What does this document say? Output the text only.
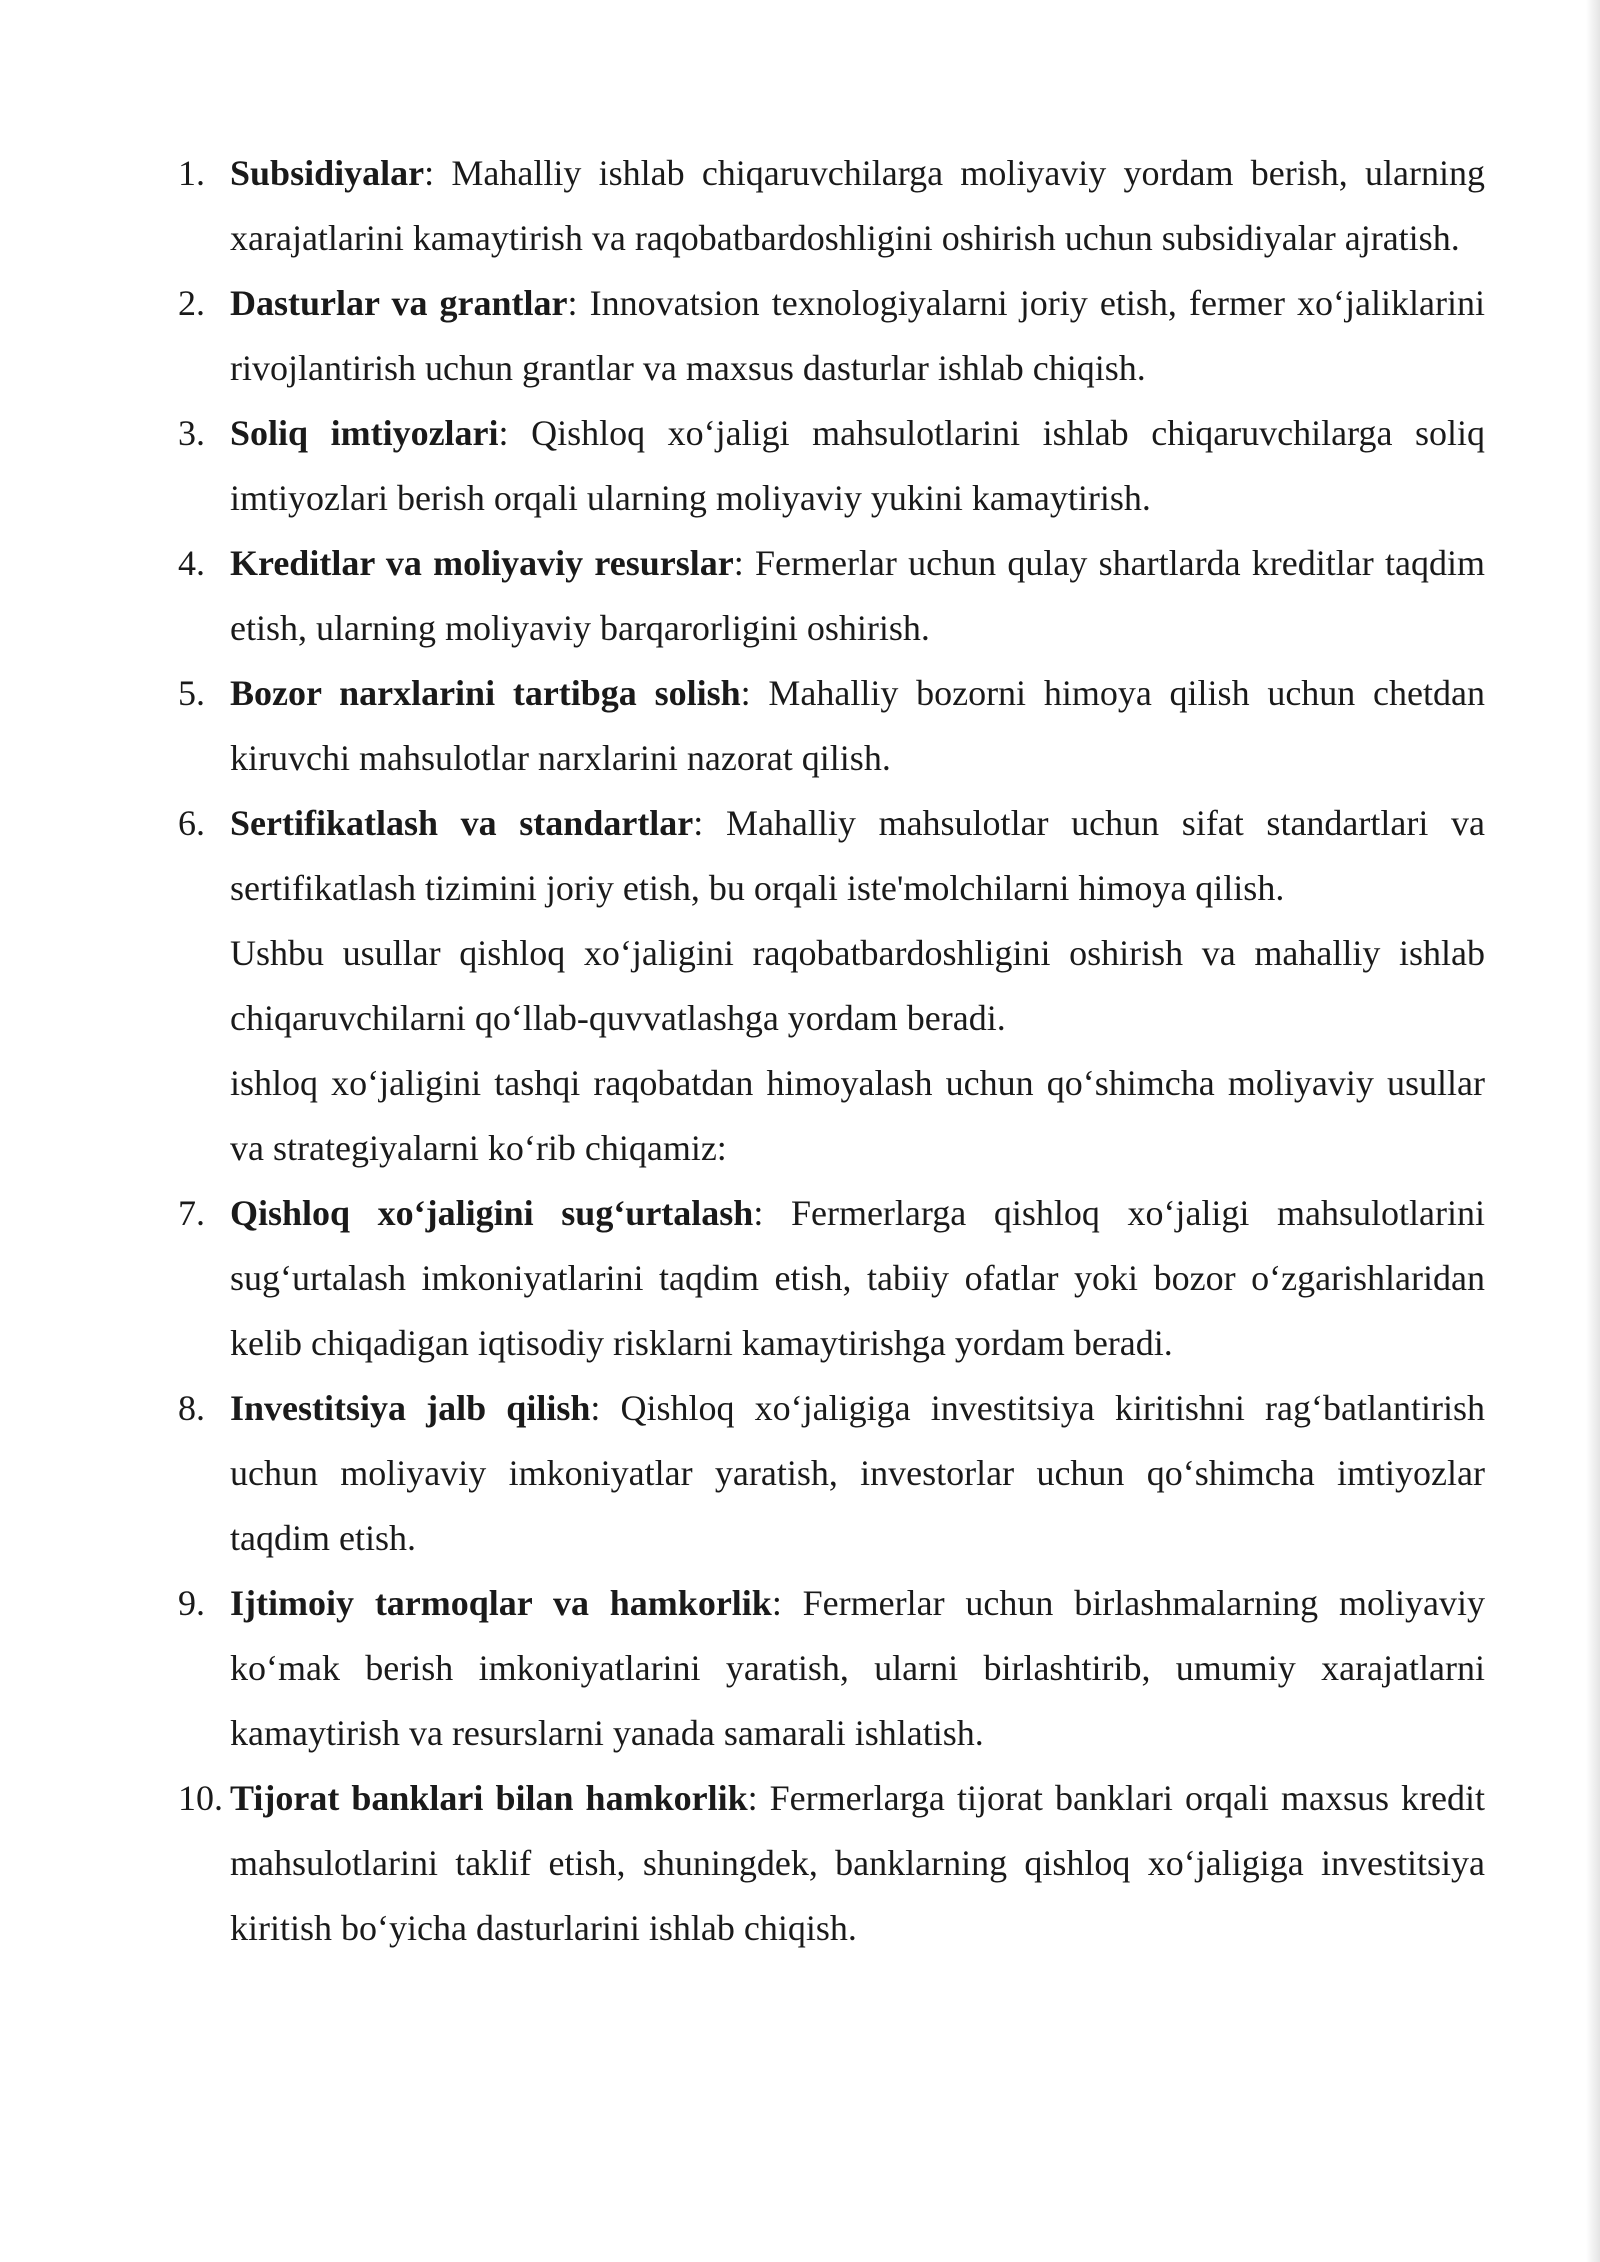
1. Subsidiyalar: Mahalliy ishlab chiqaruvchilarga moliyaviy yordam berish, ularning xarajatlarini kamaytirish va raqobatbardoshligini oshirish uchun subsidiyalar ajratish.
2. Dasturlar va grantlar: Innovatsion texnologiyalarni joriy etish, fermer xo‘jaliklarini rivojlantirish uchun grantlar va maxsus dasturlar ishlab chiqish.
3. Soliq imtiyozlari: Qishloq xo‘jaligi mahsulotlarini ishlab chiqaruvchilarga soliq imtiyozlari berish orqali ularning moliyaviy yukini kamaytirish.
4. Kreditlar va moliyaviy resurslar: Fermerlar uchun qulay shartlarda kreditlar taqdim etish, ularning moliyaviy barqarorligini oshirish.
5. Bozor narxlarini tartibga solish: Mahalliy bozorni himoya qilish uchun chetdan kiruvchi mahsulotlar narxlarini nazorat qilish.
6. Sertifikatlash va standartlar: Mahalliy mahsulotlar uchun sifat standartlari va sertifikatlash tizimini joriy etish, bu orqali iste'molchilarni himoya qilish.
Ushbu usullar qishloq xo‘jaligini raqobatbardoshligini oshirish va mahalliy ishlab chiqaruvchilarni qo‘llab-quvvatlashga yordam beradi.
ishloq xo‘jaligini tashqi raqobatdan himoyalash uchun qo‘shimcha moliyaviy usullar va strategiyalarni ko‘rib chiqamiz:
7. Qishloq xo‘jaligini sug‘urtalash: Fermerlarga qishloq xo‘jaligi mahsulotlarini sug‘urtalash imkoniyatlarini taqdim etish, tabiiy ofatlar yoki bozor o‘zgarishlaridan kelib chiqadigan iqtisodiy risklarni kamaytirishga yordam beradi.
8. Investitsiya jalb qilish: Qishloq xo‘jaligiga investitsiya kiritishni rag‘batlantirish uchun moliyaviy imkoniyatlar yaratish, investorlar uchun qo‘shimcha imtiyozlar taqdim etish.
9. Ijtimoiy tarmoqlar va hamkorlik: Fermerlar uchun birlashmalarning moliyaviy ko‘mak berish imkoniyatlarini yaratish, ularni birlashtirib, umumiy xarajatlarni kamaytirish va resurslarni yanada samarali ishlatish.
10. Tijorat banklari bilan hamkorlik: Fermerlarga tijorat banklari orqali maxsus kredit mahsulotlarini taklif etish, shuningdek, banklarning qishloq xo‘jaligiga investitsiya kiritish bo‘yicha dasturlarini ishlab chiqish.
